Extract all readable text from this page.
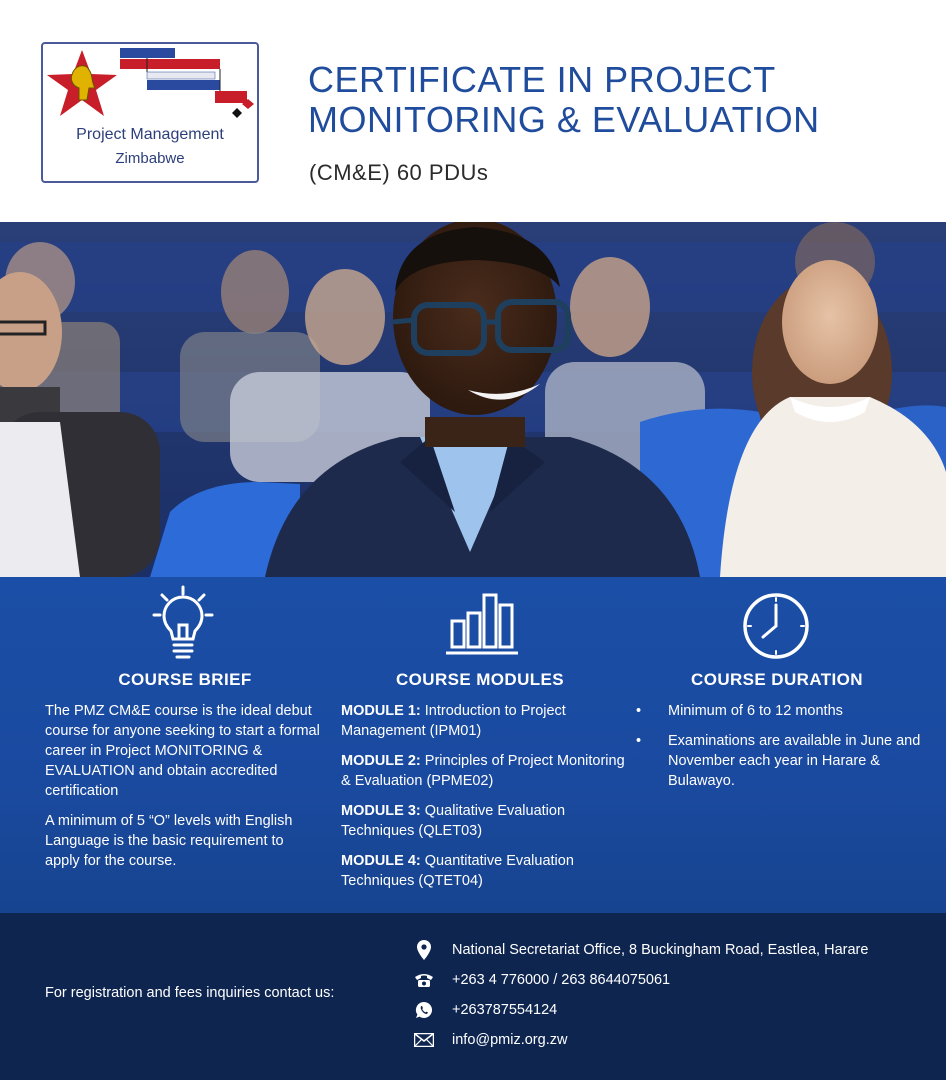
Project Management
Zimbabwe
CERTIFICATE IN PROJECT
MONITORING & EVALUATION
(CM&E) 60 PDUs
COURSE BRIEF

The PMZ CM&E course is the ideal debut course for anyone seeking to start a formal career in Project MONITORING & EVALUATION and obtain accredited certification

A minimum of 5 “O” levels with English Language is the basic requirement to apply for the course.

COURSE MODULES
MODULE 1: Introduction to Project Management (IPM01)
MODULE 2: Principles of Project Monitoring & Evaluation (PPME02)
MODULE 3: Qualitative Evaluation Techniques (QLET03)
MODULE 4: Quantitative Evaluation Techniques (QTET04)
COURSE DURATION
• Minimum of 6 to 12 months
• Examinations are available in June and November each year in Harare & Bulawayo.
For registration and fees inquiries contact us:
National Secretariat Office, 8 Buckingham Road, Eastlea, Harare
+263 4 776000 / 263 8644075061
+263787554124
info@pmiz.org.zw
